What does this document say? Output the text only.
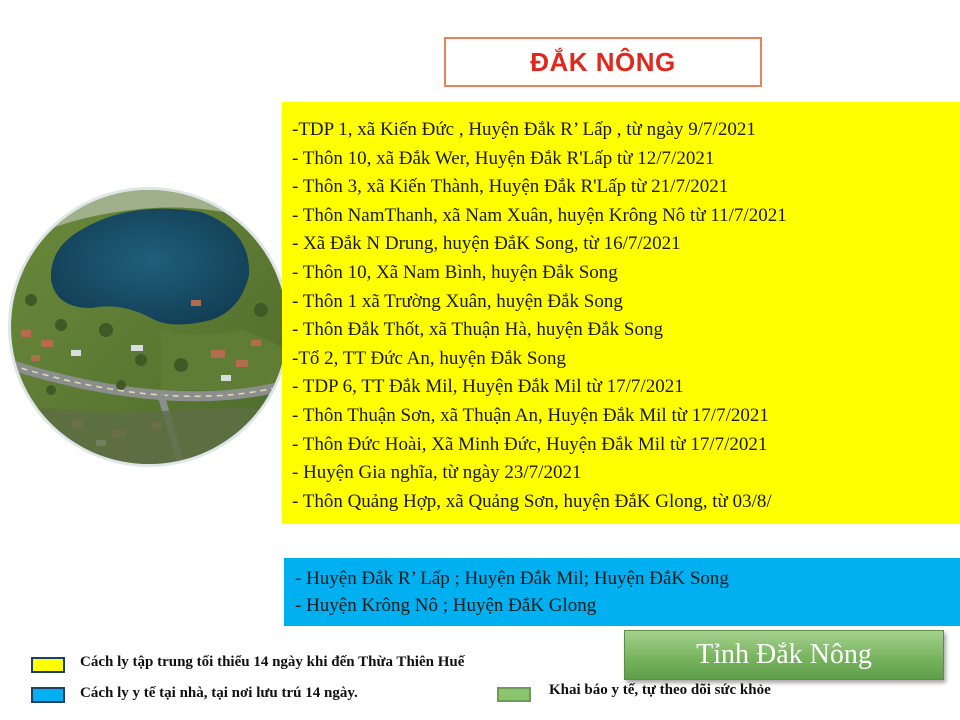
ĐẮK NÔNG
-TDP 1, xã Kiến Đức , Huyện Đắk R’ Lấp , từ ngày 9/7/2021
- Thôn 10, xã Đắk Wer, Huyện Đắk R'Lấp từ 12/7/2021
- Thôn 3, xã Kiến Thành, Huyện Đắk R'Lấp từ 21/7/2021
- Thôn NamThanh, xã Nam Xuân, huyện Krông Nô từ 11/7/2021
- Xã Đắk N Drung, huyện ĐắK Song, từ 16/7/2021
- Thôn 10, Xã Nam Bình, huyện Đắk Song
- Thôn 1 xã Trường Xuân, huyện Đắk Song
- Thôn Đắk Thốt, xã Thuận Hà, huyện Đắk Song
-Tổ 2, TT Đức An, huyện Đắk Song
- TDP 6, TT Đắk Mil, Huyện Đắk Mil từ 17/7/2021
- Thôn Thuận Sơn, xã Thuận An, Huyện Đắk Mil từ 17/7/2021
- Thôn Đức Hoài, Xã Minh Đức, Huyện Đắk Mil từ 17/7/2021
- Huyện Gia nghĩa, từ ngày 23/7/2021
- Thôn Quảng Hợp, xã Quảng Sơn, huyện ĐắK Glong, từ 03/8/
- Huyện Đắk R’ Lấp ; Huyện Đắk Mil; Huyện ĐắK Song
- Huyện Krông Nô ; Huyện ĐắK Glong
Tỉnh Đắk Nông
Cách ly tập trung tối thiểu 14 ngày khi đến Thừa Thiên Huế
Cách ly y tế tại nhà, tại nơi lưu trú 14 ngày.	Khai báo y tế, tự theo dõi sức khỏe
